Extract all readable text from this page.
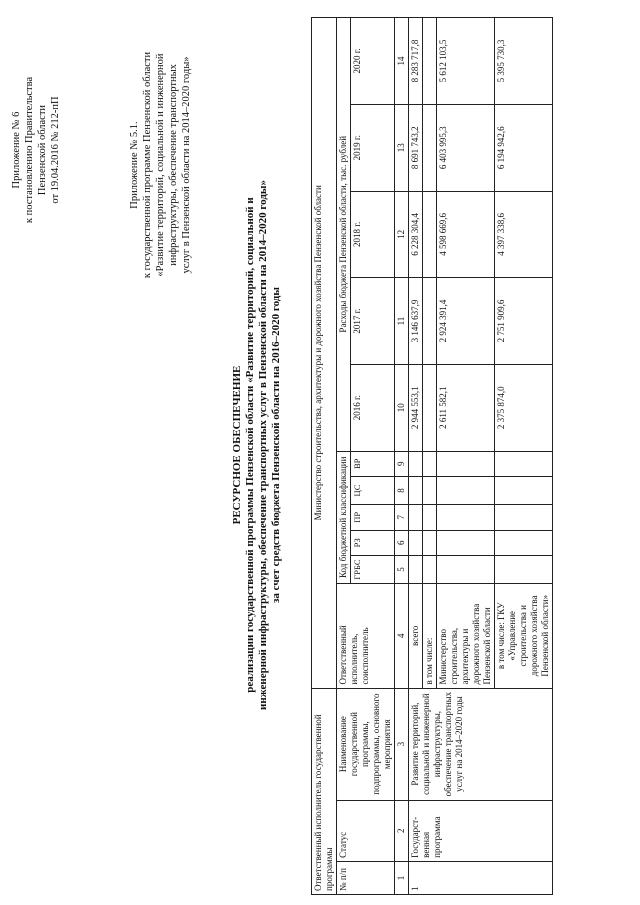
Приложение № 6 к постановлению Правительства Пензенской области от 19.04.2016 № 212-пП	Приложение № 5.1. к государственной программе Пензенской области «Развитие территорий, социальной и инженерной инфраструктуры, обеспечение транспортных услуг в Пензенской области на 2014–2020 годы»
РЕСУРСНОЕ ОБЕСПЕЧЕНИЕ реализации государственной программы Пензенской области «Развитие территорий, социальной и инженерной инфраструктуры, обеспечение транспортных услуг в Пензенской области на 2014–2020 годы» за счет средств бюджета Пензенской области на 2016–2020 годы
Ответственный исполнитель государственной программы			Министерство строительства, архитектуры и дорожного хозяйства Пензенской области										
№ п/п	Статус	Наименование государственной программы, подпрограммы, основного мероприятия	Ответственный исполнитель, соисполнитель	Код бюджетной классификации					Расходы бюджета Пензенской области, тыс. рублей				
				ГРБС	РЗ	ПР	ЦС	ВР	2016 г.	2017 г.	2018 г.	2019 г.	2020 г.

1	2	3	4	5	6	7	8	9	10	11	12	13	14
1	Государст-венная программа	Развитие территорий, социальной и инженерной инфраструктуры, обеспечение транспортных услуг на 2014–2020 годы	всего						2 944 553,1	3 146 637,9	6 228 304,4	8 691 743,2	8 283 717,8
			в том числе:										
			Министерство строительства, архитектуры и дорожного хозяйства Пензенской области						2 611 582,1	2 924 391,4	4 598 669,6	6 403 995,3	5 612 103,5
			в том числе: ГКУ «Управление строительства и дорожного хозяйства Пензенской области»						2 375 874,0	2 751 909,6	4 397 338,6	6 194 942,6	5 395 730,3
